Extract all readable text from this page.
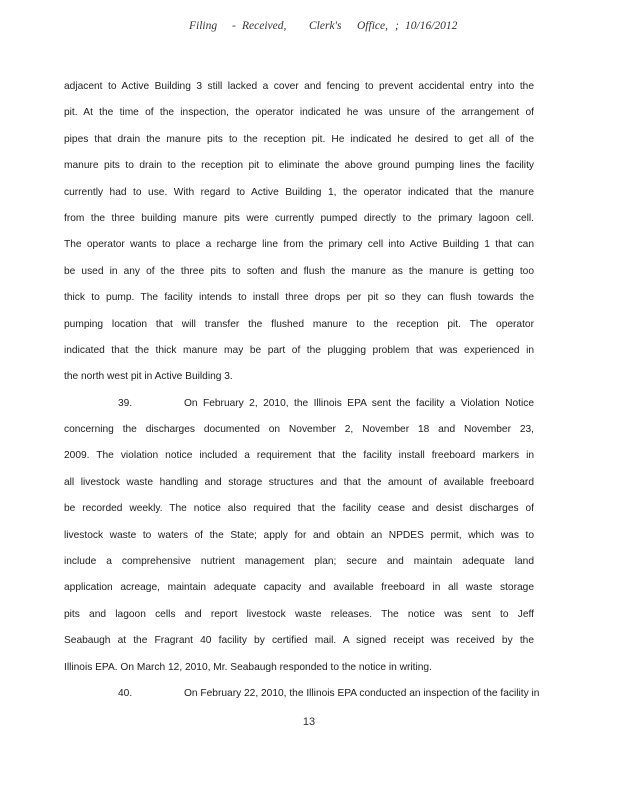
Filing - Received, Clerk's Office, ; 10/16/2012
adjacent to Active Building 3 still lacked a cover and fencing to prevent accidental entry into the
pit. At the time of the inspection, the operator indicated he was unsure of the arrangement of
pipes that drain the manure pits to the reception pit. He indicated he desired to get all of the
manure pits to drain to the reception pit to eliminate the above ground pumping lines the facility
currently had to use. With regard to Active Building 1, the operator indicated that the manure
from the three building manure pits were currently pumped directly to the primary lagoon cell.
The operator wants to place a recharge line from the primary cell into Active Building 1 that can
be used in any of the three pits to soften and flush the manure as the manure is getting too
thick to pump. The facility intends to install three drops per pit so they can flush towards the
pumping location that will transfer the flushed manure to the reception pit. The operator
indicated that the thick manure may be part of the plugging problem that was experienced in
the north west pit in Active Building 3.
39.	On February 2, 2010, the Illinois EPA sent the facility a Violation Notice
concerning the discharges documented on November 2, November 18 and November 23,
2009. The violation notice included a requirement that the facility install freeboard markers in
all livestock waste handling and storage structures and that the amount of available freeboard
be recorded weekly. The notice also required that the facility cease and desist discharges of
livestock waste to waters of the State; apply for and obtain an NPDES permit, which was to
include a comprehensive nutrient management plan; secure and maintain adequate land
application acreage, maintain adequate capacity and available freeboard in all waste storage
pits and lagoon cells and report livestock waste releases. The notice was sent to Jeff
Seabaugh at the Fragrant 40 facility by certified mail. A signed receipt was received by the
Illinois EPA. On March 12, 2010, Mr. Seabaugh responded to the notice in writing.
40.	On February 22, 2010, the Illinois EPA conducted an inspection of the facility in
13
